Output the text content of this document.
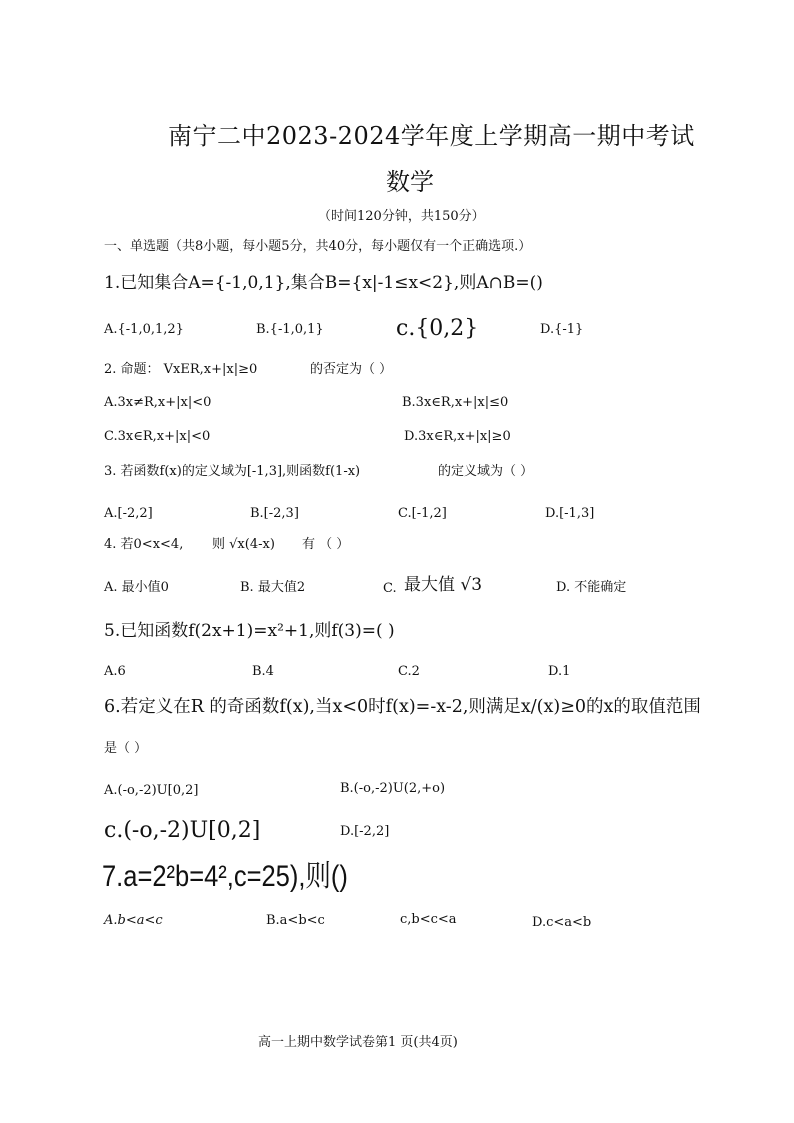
南宁二中2023-2024学年度上学期高一期中考试
数学
（时间120分钟，共150分）
一、单选题（共8小题，每小题5分，共40分，每小题仅有一个正确选项.）
1.已知集合A={-1,0,1},集合B={x|-1≤x<2},则A∩B=()
A.{-1,0,1,2}	B.{-1,0,1}	c.{0,2}	D.{-1}
2. 命题： VxER,x+|x|≥0	的否定为（ ）
A.3x≠R,x+|x|<0	B.3x∈R,x+|x|≤0
C.3x∈R,x+|x|<0	D.3x∈R,x+|x|≥0
3. 若函数f(x)的定义域为[-1,3],则函数f(1-x)	的定义域为（ ）
A.[-2,2]	B.[-2,3]	C.[-1,2]	D.[-1,3]
4. 若0<x<4, 则 √x(4-x) 有 （ ）
A. 最小值0	B. 最大值2	C. 最大值 √3	D. 不能确定
5.已知函数f(2x+1)=x²+1,则f(3)=( )
A.6	B.4	C.2	D.1
6.若定义在R 的奇函数f(x),当x<0时f(x)=-x-2,则满足x/(x)≥0的x的取值范围
是（ ）
A.(-o,-2)U[0,2]	B.(-o,-2)U(2,+o)
c.(-o,-2)U[0,2]	D.[-2,2]
7.a=2²b=4²,c=25),则()
A.b<a<c	B.a<b<c	c,b<c<a	D.c<a<b
高一上期中数学试卷第1 页(共4页)
